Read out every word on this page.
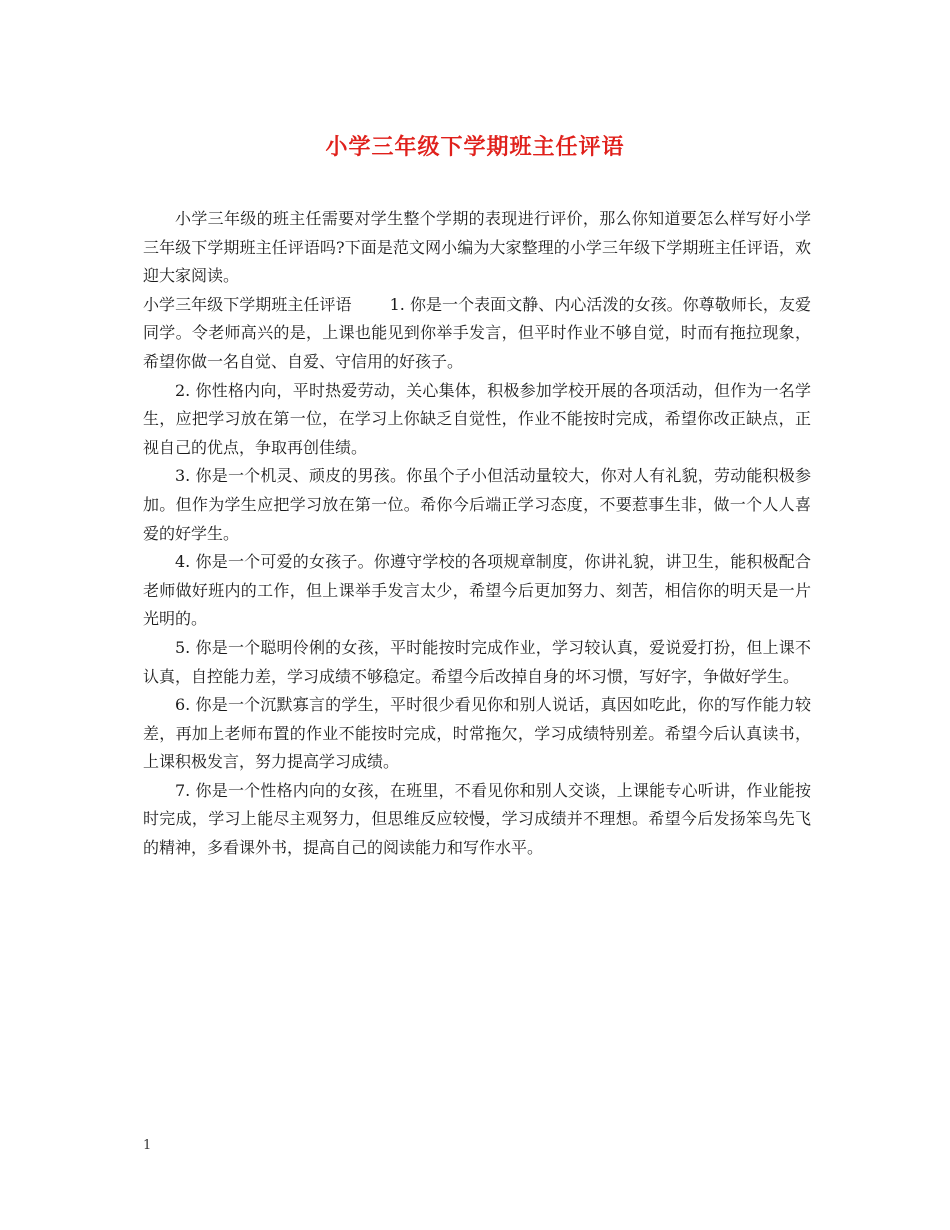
小学三年级下学期班主任评语

小学三年级的班主任需要对学生整个学期的表现进行评价，那么你知道要怎么样写好小学三年级下学期班主任评语吗?下面是范文网小编为大家整理的小学三年级下学期班主任评语，欢迎大家阅读。

小学三年级下学期班主任评语 1. 你是一个表面文静、内心活泼的女孩。你尊敬师长，友爱同学。令老师高兴的是，上课也能见到你举手发言，但平时作业不够自觉，时而有拖拉现象，希望你做一名自觉、自爱、守信用的好孩子。

2. 你性格内向，平时热爱劳动，关心集体，积极参加学校开展的各项活动，但作为一名学生，应把学习放在第一位，在学习上你缺乏自觉性，作业不能按时完成，希望你改正缺点，正视自己的优点，争取再创佳绩。

3. 你是一个机灵、顽皮的男孩。你虽个子小但活动量较大，你对人有礼貌，劳动能积极参加。但作为学生应把学习放在第一位。希你今后端正学习态度，不要惹事生非，做一个人人喜爱的好学生。

4. 你是一个可爱的女孩子。你遵守学校的各项规章制度，你讲礼貌，讲卫生，能积极配合老师做好班内的工作，但上课举手发言太少，希望今后更加努力、刻苦，相信你的明天是一片光明的。

5. 你是一个聪明伶俐的女孩，平时能按时完成作业，学习较认真，爱说爱打扮，但上课不认真，自控能力差，学习成绩不够稳定。希望今后改掉自身的坏习惯，写好字，争做好学生。

6. 你是一个沉默寡言的学生，平时很少看见你和别人说话，真因如吃此，你的写作能力较差，再加上老师布置的作业不能按时完成，时常拖欠，学习成绩特别差。希望今后认真读书，上课积极发言，努力提高学习成绩。

7. 你是一个性格内向的女孩，在班里，不看见你和别人交谈，上课能专心听讲，作业能按时完成，学习上能尽主观努力，但思维反应较慢，学习成绩并不理想。希望今后发扬笨鸟先飞的精神，多看课外书，提高自己的阅读能力和写作水平。

1
